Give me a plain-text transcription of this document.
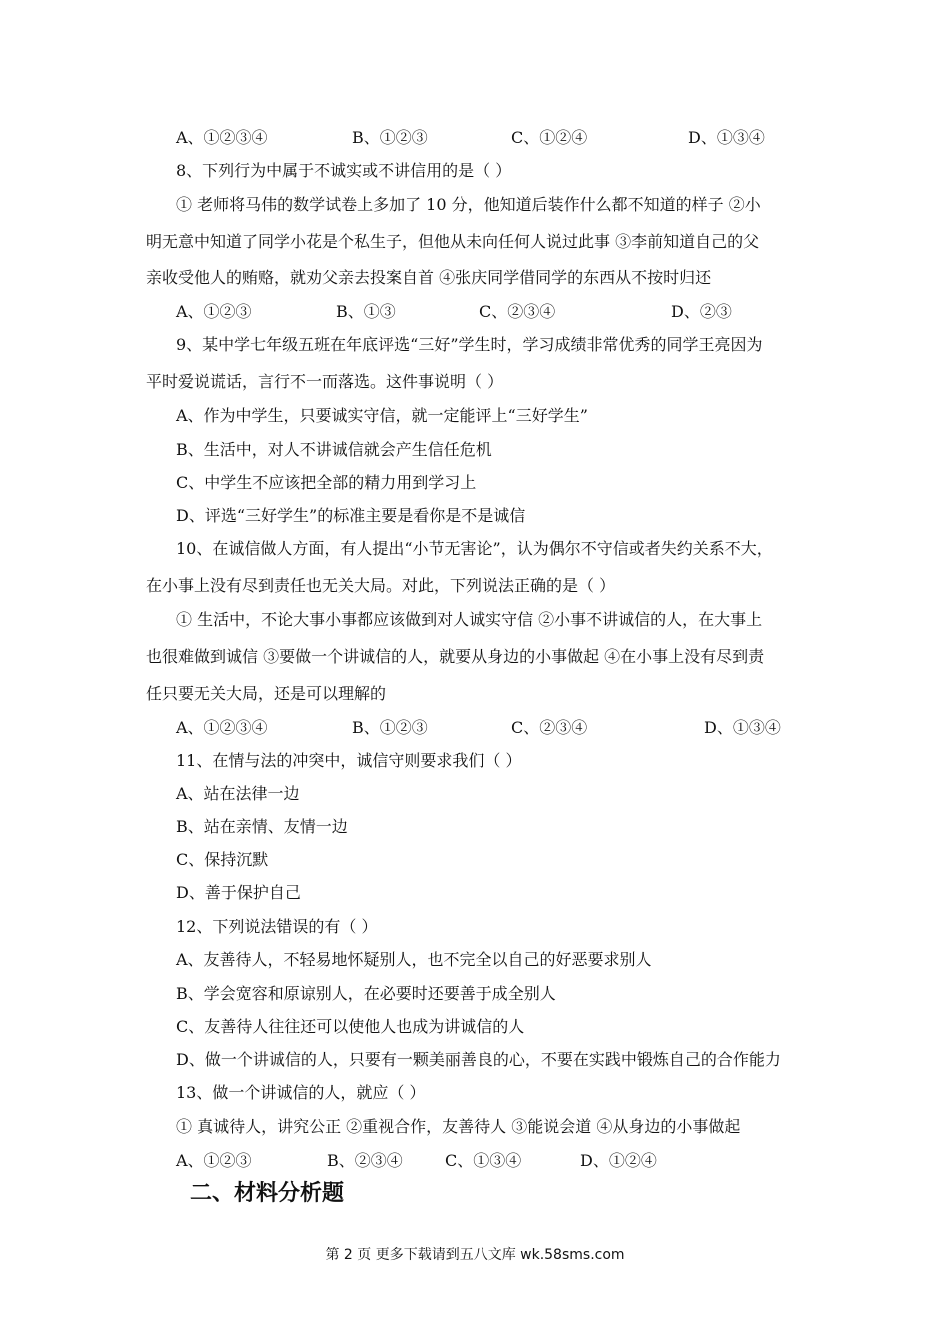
A、①②③④	B、①②③	C、①②④	D、①③④
8、下列行为中属于不诚实或不讲信用的是（ ）
① 老师将马伟的数学试卷上多加了 10 分，他知道后装作什么都不知道的样子 ②小
明无意中知道了同学小花是个私生子，但他从未向任何人说过此事 ③李前知道自己的父
亲收受他人的贿赂，就劝父亲去投案自首 ④张庆同学借同学的东西从不按时归还
A、①②③	B、①③	C、②③④	D、②③
9、某中学七年级五班在年底评选“三好”学生时，学习成绩非常优秀的同学王亮因为
平时爱说谎话，言行不一而落选。这件事说明（ ）
A、作为中学生，只要诚实守信，就一定能评上“三好学生”
B、生活中，对人不讲诚信就会产生信任危机
C、中学生不应该把全部的精力用到学习上
D、评选“三好学生”的标准主要是看你是不是诚信
10、在诚信做人方面，有人提出“小节无害论”，认为偶尔不守信或者失约关系不大，
在小事上没有尽到责任也无关大局。对此，下列说法正确的是（ ）
① 生活中，不论大事小事都应该做到对人诚实守信 ②小事不讲诚信的人，在大事上
也很难做到诚信 ③要做一个讲诚信的人，就要从身边的小事做起 ④在小事上没有尽到责
任只要无关大局，还是可以理解的
A、①②③④	B、①②③	C、②③④	D、①③④
11、在情与法的冲突中，诚信守则要求我们（ ）
A、站在法律一边
B、站在亲情、友情一边
C、保持沉默
D、善于保护自己
12、下列说法错误的有（ ）
A、友善待人，不轻易地怀疑别人，也不完全以自己的好恶要求别人
B、学会宽容和原谅别人，在必要时还要善于成全别人
C、友善待人往往还可以使他人也成为讲诚信的人
D、做一个讲诚信的人，只要有一颗美丽善良的心，不要在实践中锻炼自己的合作能力
13、做一个讲诚信的人，就应（ ）
① 真诚待人，讲究公正 ②重视合作，友善待人 ③能说会道 ④从身边的小事做起
A、①②③	B、②③④	C、①③④	D、①②④
二、材料分析题
第 2 页 更多下载请到五八文库 wk.58sms.com
